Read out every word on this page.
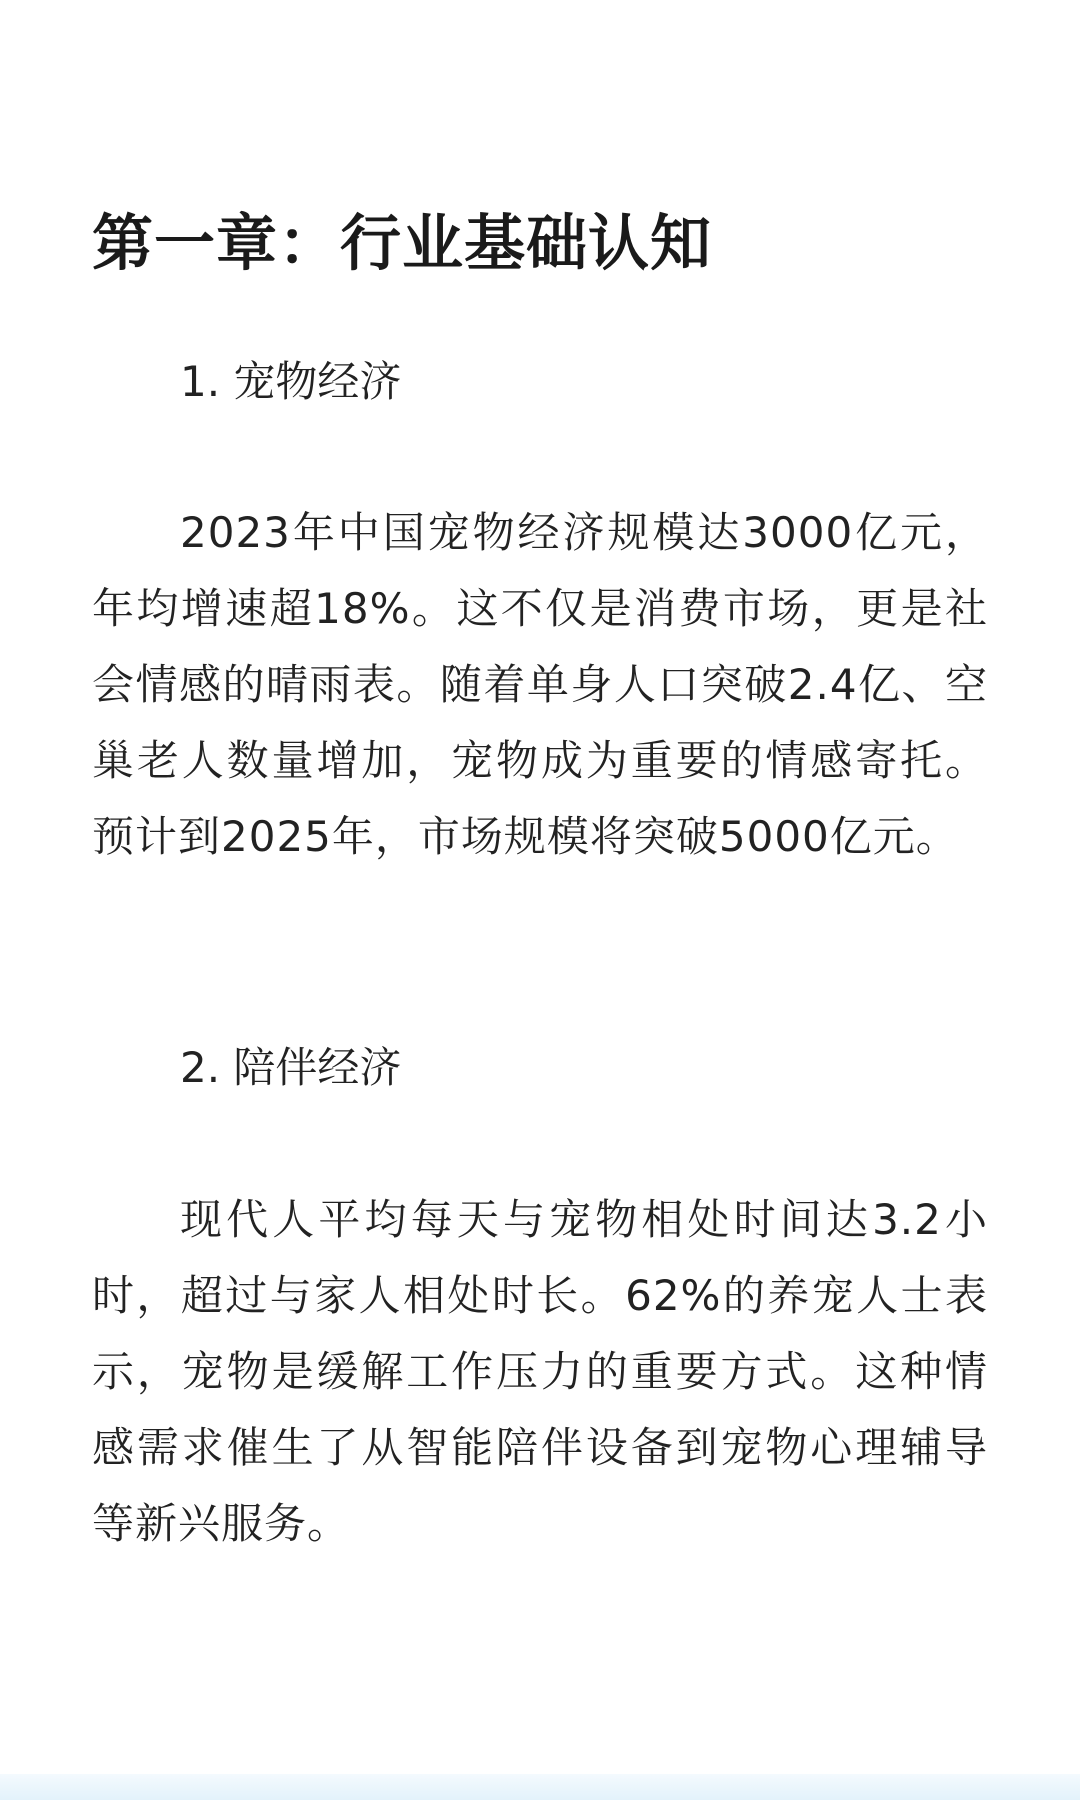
第一章：行业基础认知
1. 宠物经济

2023年中国宠物经济规模达3000亿元，年均增速超18%。这不仅是消费市场，更是社会情感的晴雨表。随着单身人口突破2.4亿、空巢老人数量增加，宠物成为重要的情感寄托。预计到2025年，市场规模将突破5000亿元。

2. 陪伴经济

现代人平均每天与宠物相处时间达3.2小时，超过与家人相处时长。62%的养宠人士表示，宠物是缓解工作压力的重要方式。这种情感需求催生了从智能陪伴设备到宠物心理辅导等新兴服务。
